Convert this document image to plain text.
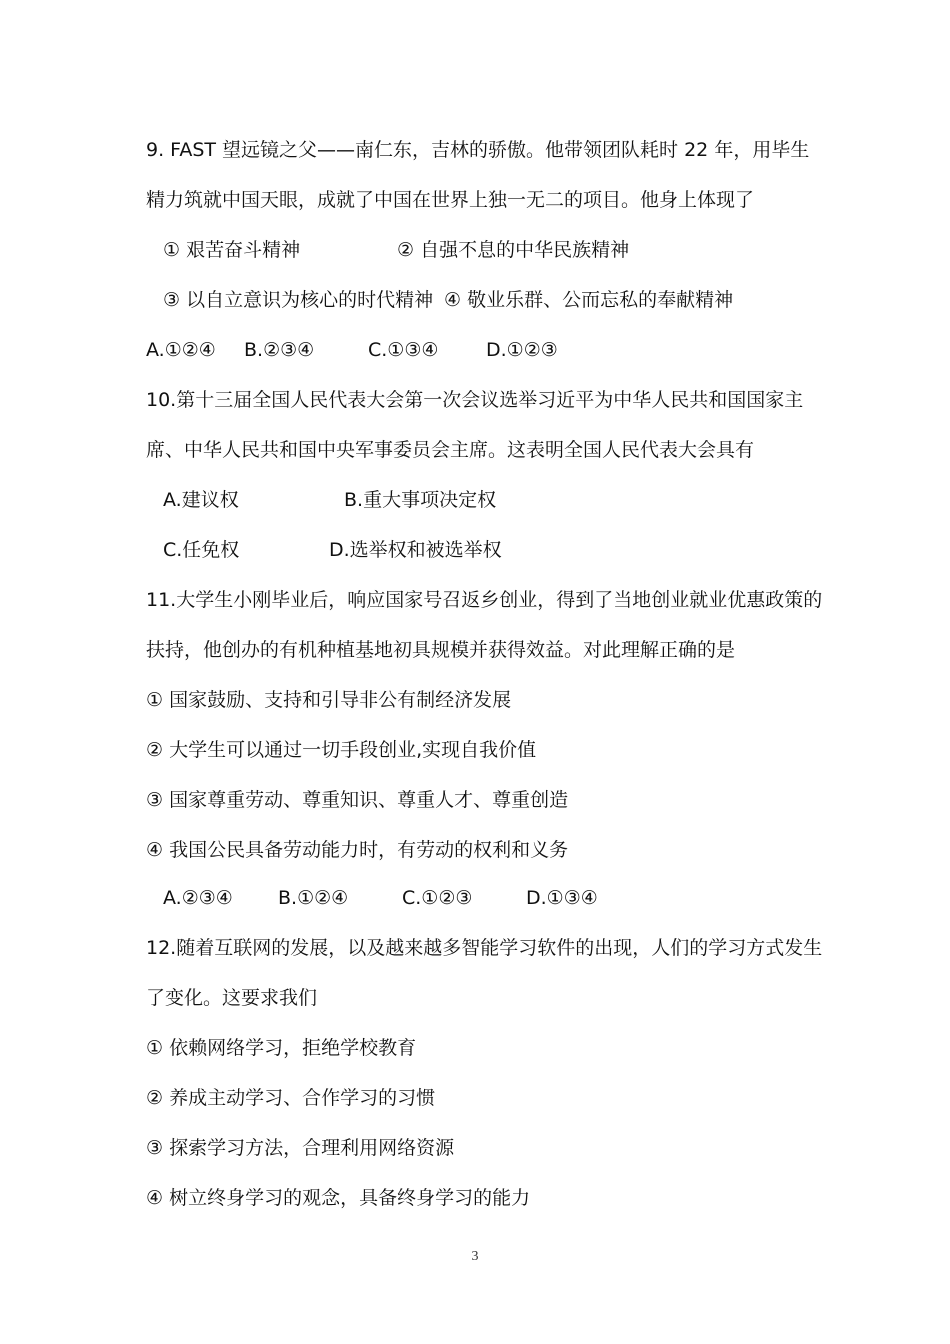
9. FAST 望远镜之父——南仁东，吉林的骄傲。他带领团队耗时 22 年，用毕生
精力筑就中国天眼，成就了中国在世界上独一无二的项目。他身上体现了
① 艰苦奋斗精神	② 自强不息的中华民族精神
③ 以自立意识为核心的时代精神 ④ 敬业乐群、公而忘私的奉献精神
A.①②④ B.②③④	C.①③④	D.①②③
10.第十三届全国人民代表大会第一次会议选举习近平为中华人民共和国国家主
席、中华人民共和国中央军事委员会主席。这表明全国人民代表大会具有
A.建议权	B.重大事项决定权
C.任免权	D.选举权和被选举权
11.大学生小刚毕业后，响应国家号召返乡创业，得到了当地创业就业优惠政策的
扶持，他创办的有机种植基地初具规模并获得效益。对此理解正确的是
① 国家鼓励、支持和引导非公有制经济发展
② 大学生可以通过一切手段创业,实现自我价值
③ 国家尊重劳动、尊重知识、尊重人才、尊重创造
④ 我国公民具备劳动能力时，有劳动的权利和义务
A.②③④ B.①②④	C.①②③	D.①③④
12.随着互联网的发展，以及越来越多智能学习软件的出现，人们的学习方式发生
了变化。这要求我们
① 依赖网络学习，拒绝学校教育
② 养成主动学习、合作学习的习惯
③ 探索学习方法，合理利用网络资源
④ 树立终身学习的观念，具备终身学习的能力
3
